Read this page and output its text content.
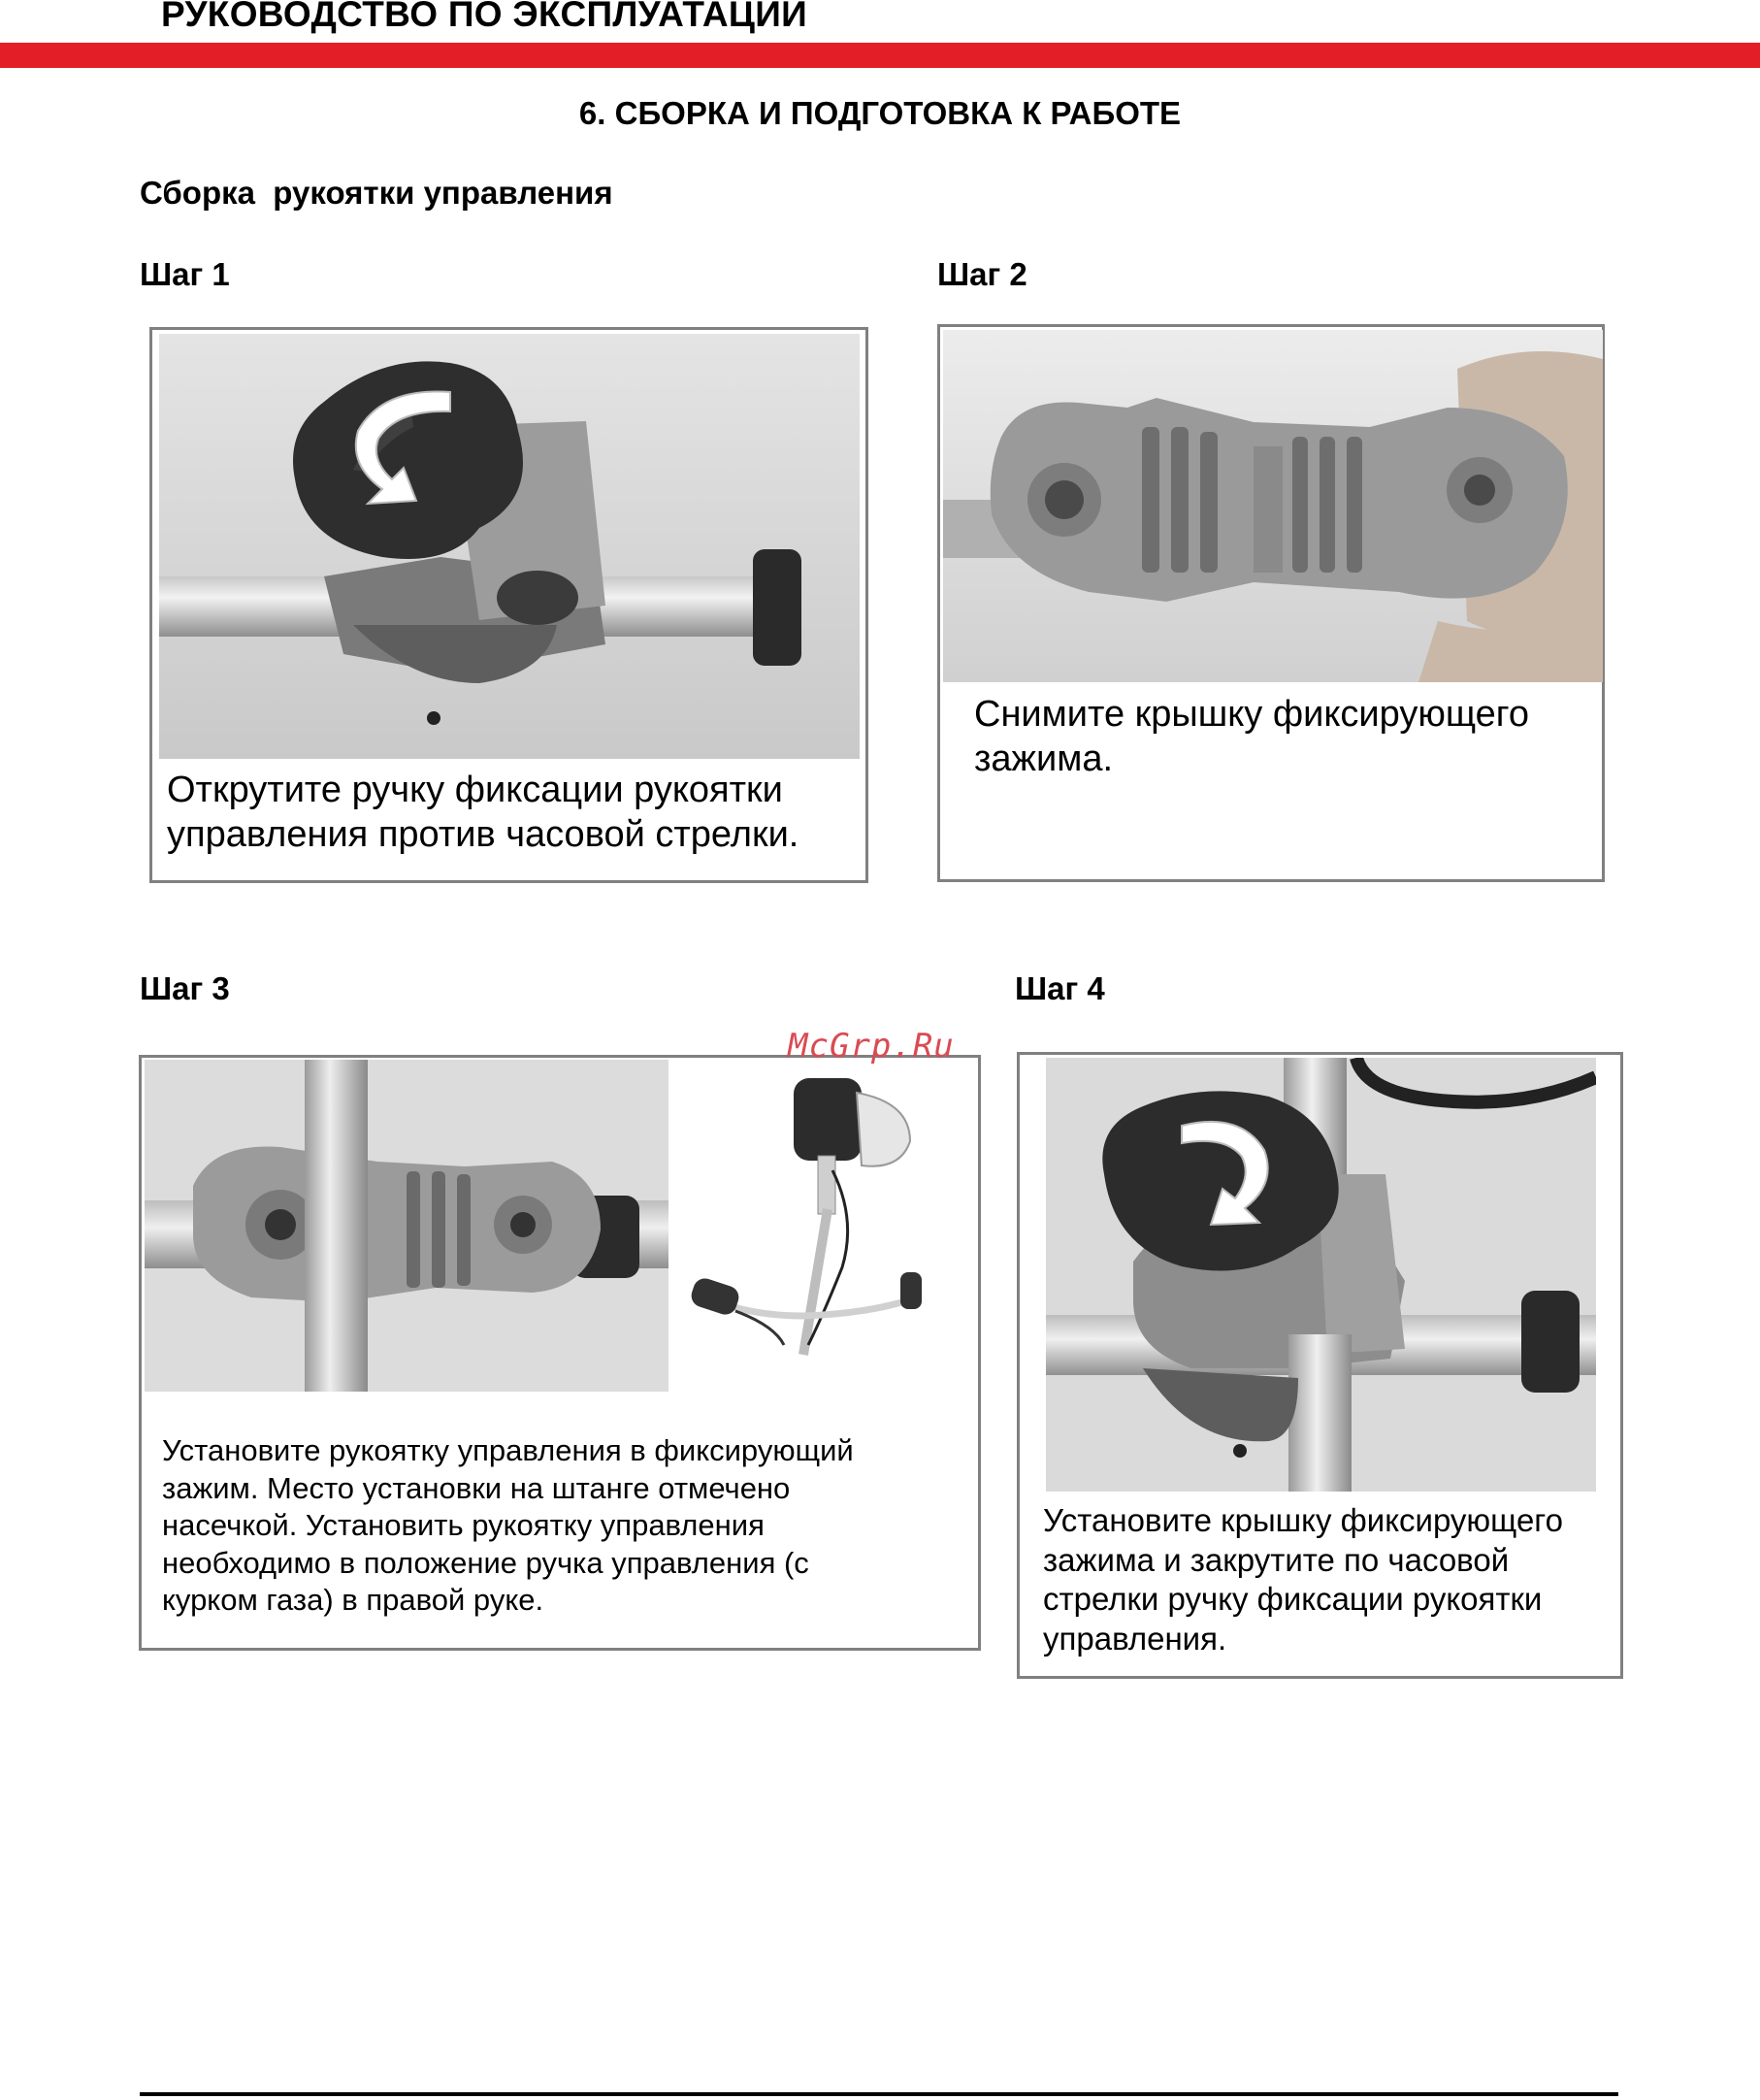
РУКОВОДСТВО ПО ЭКСПЛУАТАЦИИ
6. СБОРКА И ПОДГОТОВКА К РАБОТЕ
Сборка  рукоятки управления
Шаг 1
Открутите ручку фиксации рукоятки
управления против часовой стрелки.
Шаг 2
Снимите крышку фиксирующего
зажима.
Шаг 3
Установите рукоятку управления в фиксирующий
зажим. Место установки на штанге отмечено
насечкой. Установить рукоятку управления
необходимо в положение ручка управления (с
курком газа) в правой руке.
McGrp.Ru
Шаг 4
Установите крышку фиксирующего
зажима и закрутите по часовой
стрелки ручку фиксации рукоятки
управления.
